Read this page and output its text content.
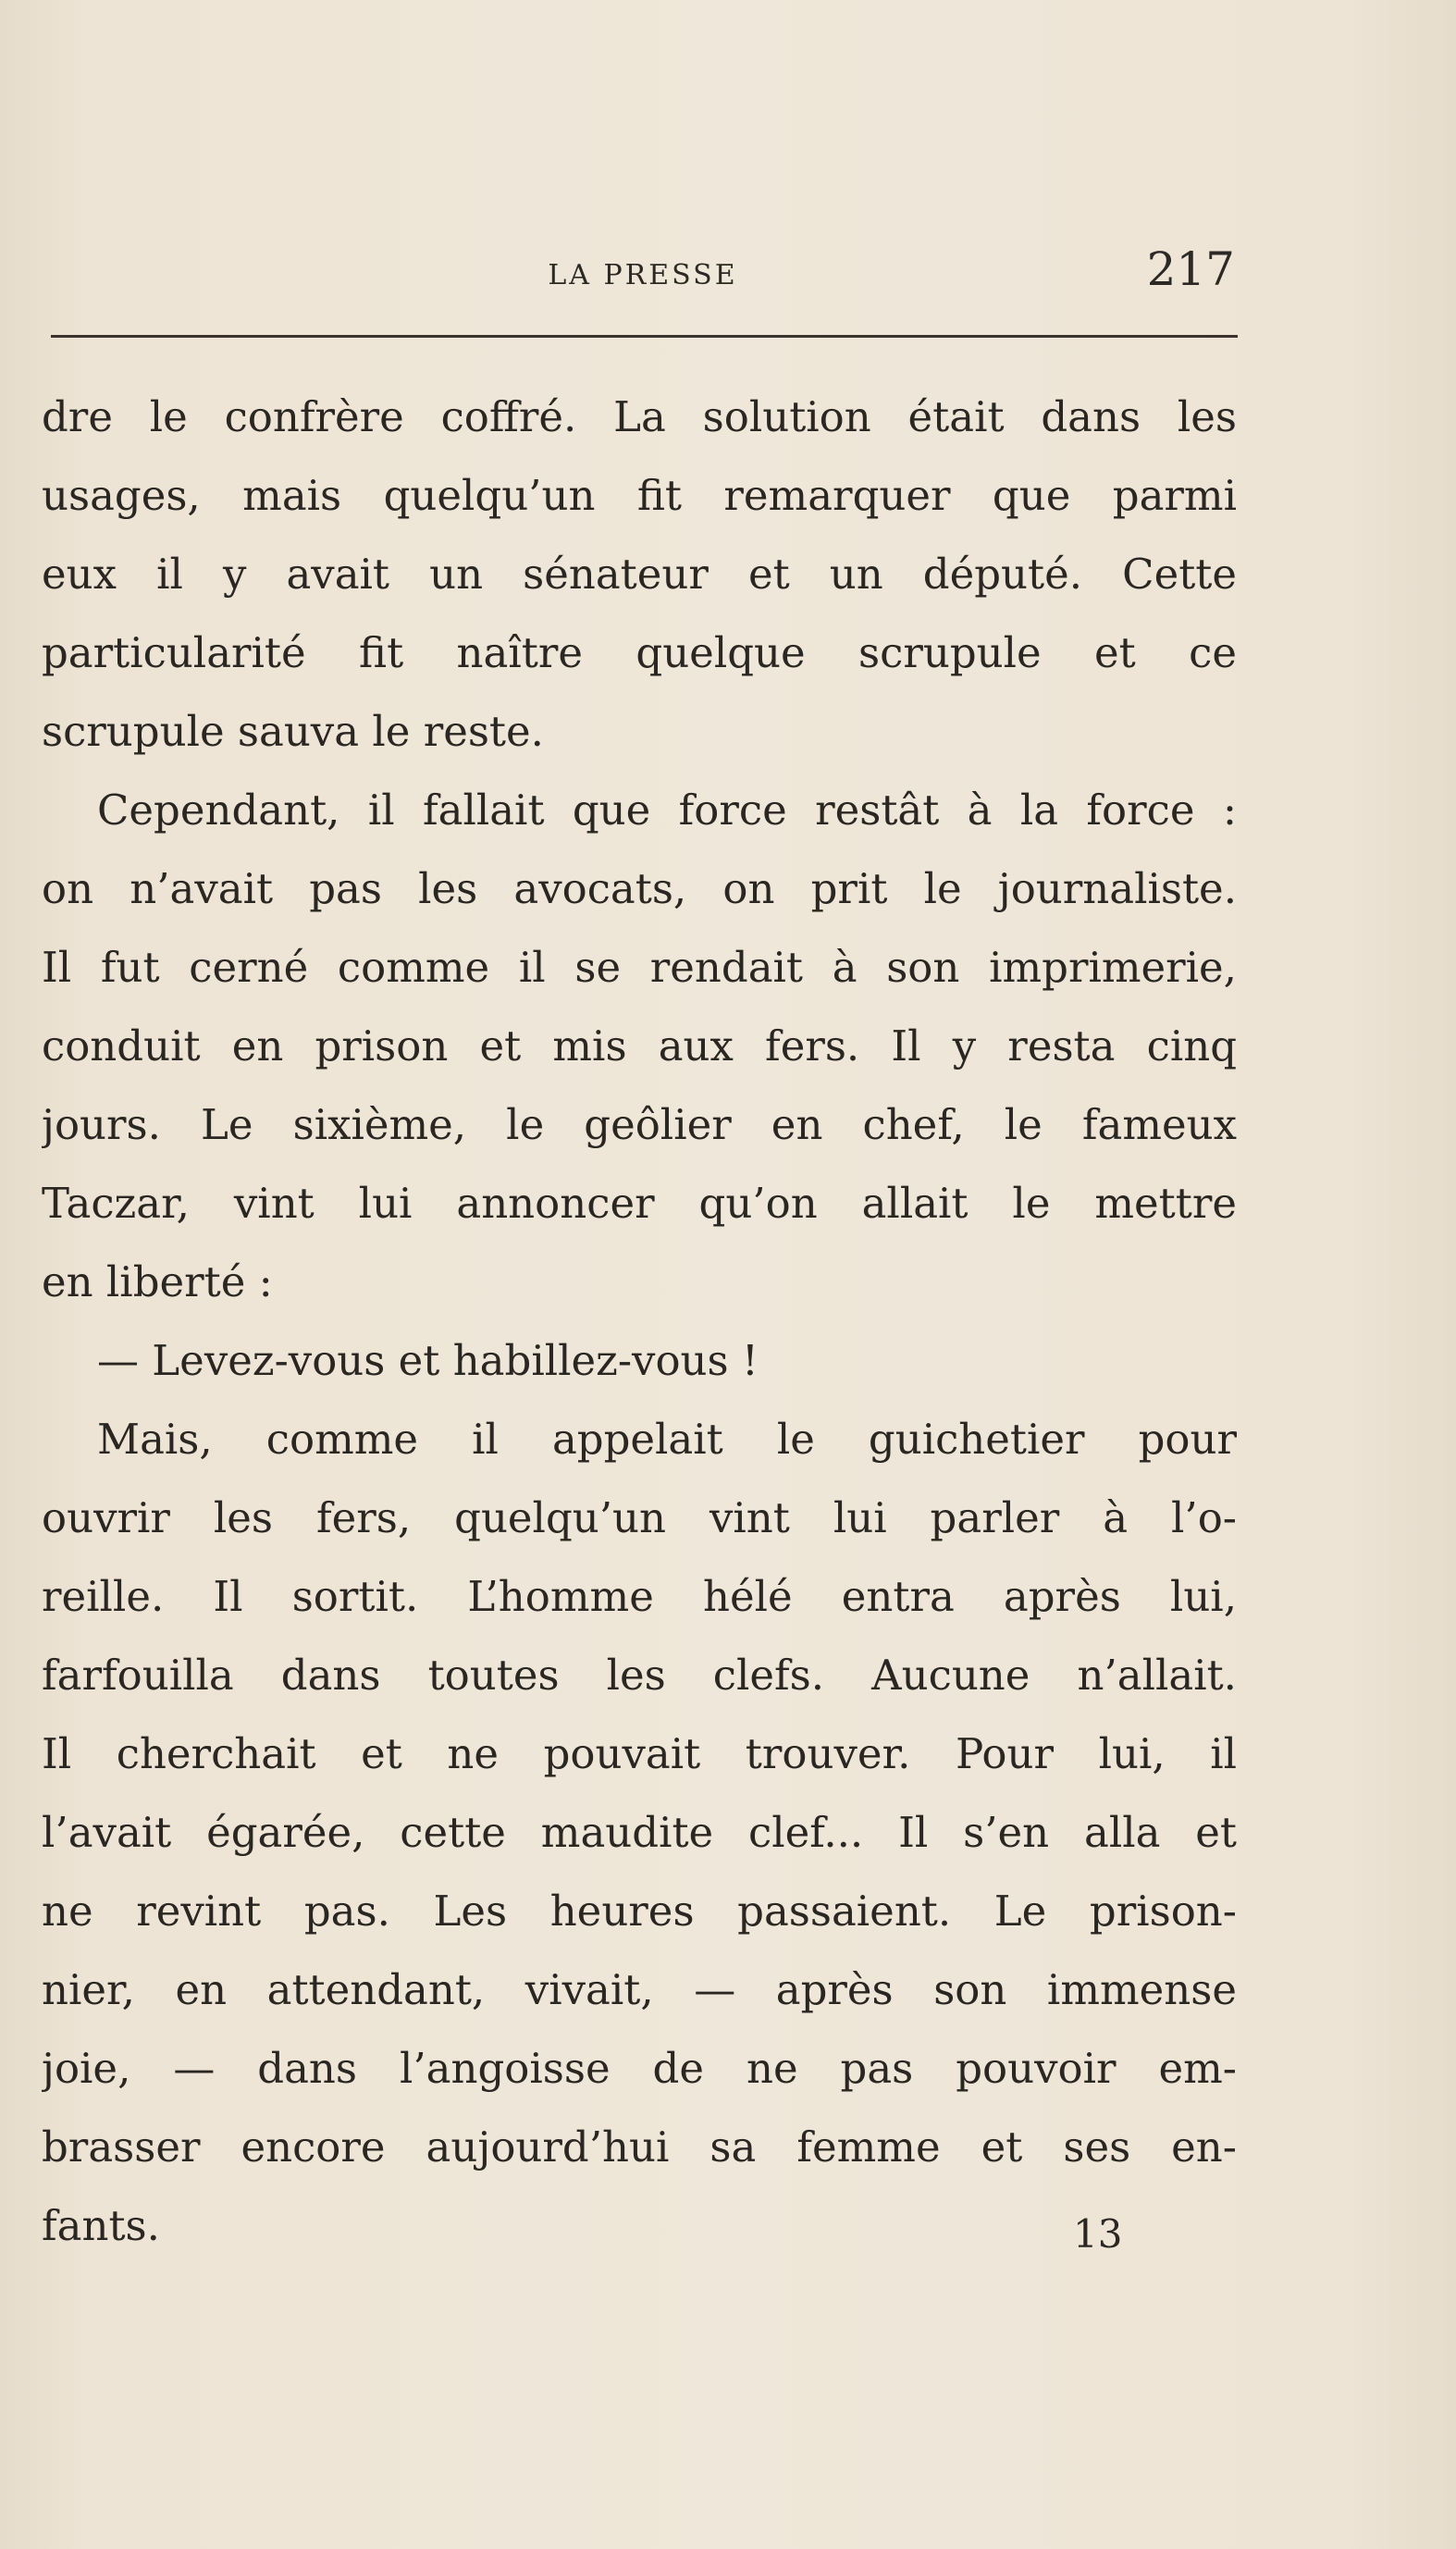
LA PRESSE	217
dre le confrère coffré. La solution était dans les
usages, mais quelqu’un fit remarquer que parmi
eux il y avait un sénateur et un député. Cette
particularité fit naître quelque scrupule et ce
scrupule sauva le reste.
Cependant, il fallait que force restât à la force :
on n’avait pas les avocats, on prit le journaliste.
Il fut cerné comme il se rendait à son imprimerie,
conduit en prison et mis aux fers. Il y resta cinq
jours. Le sixième, le geôlier en chef, le fameux
Taczar, vint lui annoncer qu’on allait le mettre
en liberté :
— Levez-vous et habillez-vous !
Mais, comme il appelait le guichetier pour
ouvrir les fers, quelqu’un vint lui parler à l’o-
reille. Il sortit. L’homme hélé entra après lui,
farfouilla dans toutes les clefs. Aucune n’allait.
Il cherchait et ne pouvait trouver. Pour lui, il
l’avait égarée, cette maudite clef... Il s’en alla et
ne revint pas. Les heures passaient. Le prison-
nier, en attendant, vivait, — après son immense
joie, — dans l’angoisse de ne pas pouvoir em-
brasser encore aujourd’hui sa femme et ses en-
fants.	13
